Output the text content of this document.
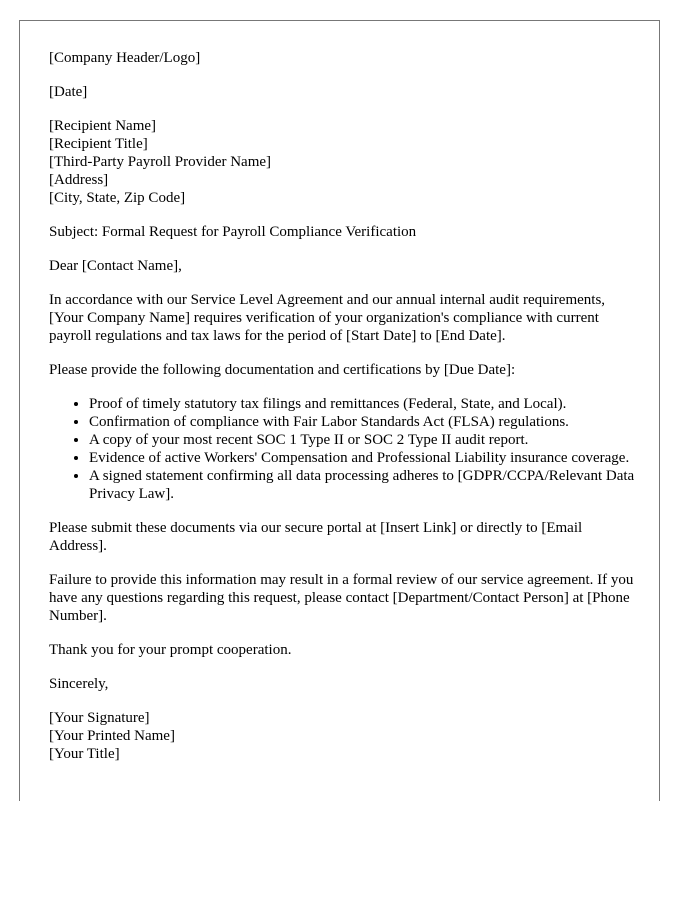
[Company Header/Logo]

[Date]

[Recipient Name]
[Recipient Title]
[Third-Party Payroll Provider Name]
[Address]
[City, State, Zip Code]

Subject: Formal Request for Payroll Compliance Verification

Dear [Contact Name],

In accordance with our Service Level Agreement and our annual internal audit requirements, [Your Company Name] requires verification of your organization's compliance with current payroll regulations and tax laws for the period of [Start Date] to [End Date].

Please provide the following documentation and certifications by [Due Date]:

• Proof of timely statutory tax filings and remittances (Federal, State, and Local).
• Confirmation of compliance with Fair Labor Standards Act (FLSA) regulations.
• A copy of your most recent SOC 1 Type II or SOC 2 Type II audit report.
• Evidence of active Workers' Compensation and Professional Liability insurance coverage.
• A signed statement confirming all data processing adheres to [GDPR/CCPA/Relevant Data Privacy Law].

Please submit these documents via our secure portal at [Insert Link] or directly to [Email Address].

Failure to provide this information may result in a formal review of our service agreement. If you have any questions regarding this request, please contact [Department/Contact Person] at [Phone Number].

Thank you for your prompt cooperation.

Sincerely,

[Your Signature]
[Your Printed Name]
[Your Title]
